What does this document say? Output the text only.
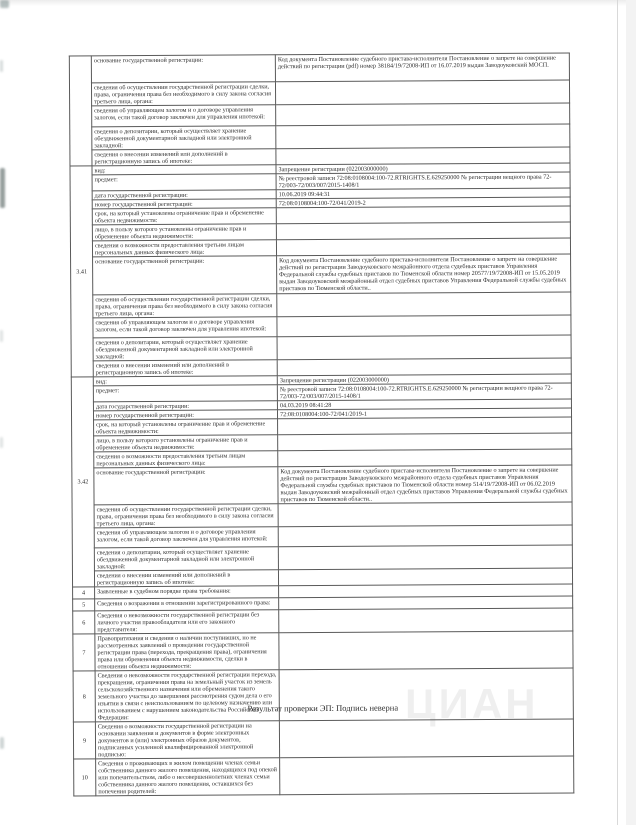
ЦИАН
	основание государственной регистрации:	Код документа Постановление судебного пристава-исполнителя Постановление о запрете на совершение действий по регистрации (pdf) номер 38184/19/72008-ИП от 16.07.2019 выдан Заводоуковский МОСП.
	сведения об осуществлении государственной регистрации сделки, права, ограничения права без необходимого в силу закона согласия третьего лица, органа:	
	сведения об управляющем залогом и о договоре управления залогом, если такой договор заключен для управления ипотекой:	
	сведения о депозитарии, который осуществляет хранение обездвиженной документарной закладной или электронной закладной:	
	сведения о внесении изменений или дополнений в регистрационную запись об ипотеке:	
3.41	вид:	Запрещение регистрации (022003000000)
	предмет:	№ реестровой записи 72:08:0108004:100-72.RTRIGHTS.E.629250000 № регистрации вещного права 72-72/003-72/003/007/2015-1408/1
	дата государственной регистрации:	10.06.2019 09:44:31
	номер государственной регистрации:	72:08:0108004:100-72/041/2019-2
	срок, на который установлены ограничение прав и обременение объекта недвижимости:	
	лицо, в пользу которого установлены ограничение прав и обременение объекта недвижимости:	
	сведения о возможности предоставления третьим лицам персональных данных физического лица:	
	основание государственной регистрации:	Код документа Постановление судебного пристава-исполнителя Постановление о запрете на совершение действий по регистрации Заводоуковского межрайонного отдела судебных приставов Управления Федеральной службы судебных приставов по Тюменской области номер 20577/19/72008-ИП от 15.05.2019 выдан Заводоуковский межрайонный отдел судебных приставов Управления Федеральной службы судебных приставов по Тюменской области..
	сведения об осуществлении государственной регистрации сделки, права, ограничения права без необходимого в силу закона согласия третьего лица, органа:	
	сведения об управляющем залогом и о договоре управления залогом, если такой договор заключен для управления ипотекой:	
	сведения о депозитарии, который осуществляет хранение обездвиженной документарной закладной или электронной закладной:	
	сведения о внесении изменений или дополнений в регистрационную запись об ипотеке:	
3.42	вид:	Запрещение регистрации (022003000000)
	предмет:	№ реестровой записи 72:08:0108004:100-72.RTRIGHTS.E.629250000 № регистрации вещного права 72-72/003-72/003/007/2015-1408/1
	дата государственной регистрации:	04.03.2019 08:41:28
	номер государственной регистрации:	72:08:0108004:100-72/041/2019-1
	срок, на который установлены ограничение прав и обременение объекта недвижимости:	
	лицо, в пользу которого установлены ограничение прав и обременение объекта недвижимости:	
	сведения о возможности предоставления третьим лицам персональных данных физического лица:	
	основание государственной регистрации:	Код документа Постановление судебного пристава-исполнителя Постановление о запрете на совершение действий по регистрации Заводоуковского межрайонного отдела судебных приставов Управления Федеральной службы судебных приставов по Тюменской области номер 514/19/72008-ИП от 06.02.2019 выдан Заводоуковский межрайонный отдел судебных приставов Управления Федеральной службы судебных приставов по Тюменской области..
	сведения об осуществлении государственной регистрации сделки, права, ограничения права без необходимого в силу закона согласия третьего лица, органа:	
	сведения об управляющем залогом и о договоре управления залогом, если такой договор заключен для управления ипотекой:	
	сведения о депозитарии, который осуществляет хранение обездвиженной документарной закладной или электронной закладной:	
	сведения о внесении изменений или дополнений в регистрационную запись об ипотеке:	
4	Заявленные в судебном порядке права требования:	
5	Сведения о возражении в отношении зарегистрированного права:	
6	Сведения о невозможности государственной регистрации без личного участия правообладателя или его законного представителя:	
7	Правопритязания и сведения о наличии поступивших, но не рассмотренных заявлений о проведении государственной регистрации права (перехода, прекращения права), ограничения права или обременения объекта недвижимости, сделки в отношении объекта недвижимости:	
8	Сведения о невозможности государственной регистрации перехода, прекращения, ограничения права на земельный участок из земель сельскохозяйственного назначения или обременения такого земельного участка до завершения рассмотрения судом дела о его изъятии в связи с неиспользованием по целевому назначению или использованием с нарушением законодательства Российской Федерации:	
9	Сведения о возможности государственной регистрации на основании заявления и документов в форме электронных документов и (или) электронных образов документов, подписанных усиленной квалифицированной электронной подписью:	
10	Сведения о проживающих в жилом помещении членах семьи собственника данного жилого помещения, находящихся под опекой или попечительством, либо о несовершеннолетних членах семьи собственника данного жилого помещения, оставшихся без попечения родителей:	
Результат проверки ЭП: Подпись неверна
